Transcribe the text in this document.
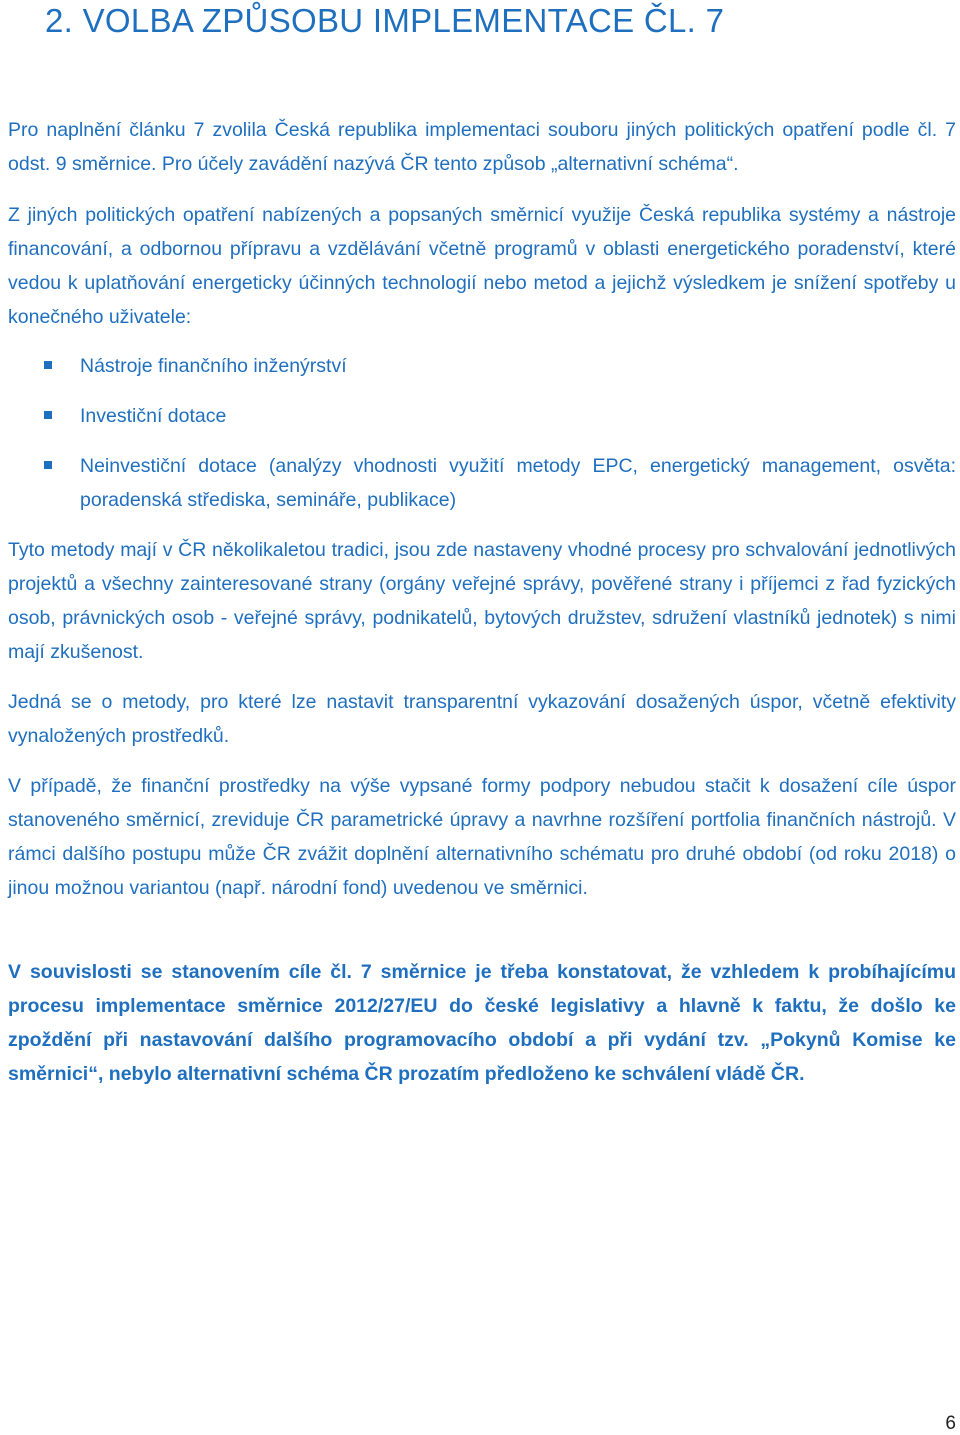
2. VOLBA ZPŮSOBU IMPLEMENTACE ČL. 7

Pro naplnění článku 7 zvolila Česká republika implementaci souboru jiných politických opatření podle čl. 7 odst. 9 směrnice. Pro účely zavádění nazývá ČR tento způsob „alternativní schéma“.

Z jiných politických opatření nabízených a popsaných směrnicí využije Česká republika systémy a nástroje financování, a odbornou přípravu a vzdělávání včetně programů v oblasti energetického poradenství, které vedou k uplatňování energeticky účinných technologií nebo metod a jejichž výsledkem je snížení spotřeby u konečného uživatele:

Nástroje finančního inženýrství
Investiční dotace
Neinvestiční dotace (analýzy vhodnosti využití metody EPC, energetický management, osvěta: poradenská střediska, semináře, publikace)

Tyto metody mají v ČR několikaletou tradici, jsou zde nastaveny vhodné procesy pro schvalování jednotlivých projektů a všechny zainteresované strany (orgány veřejné správy, pověřené strany i příjemci z řad fyzických osob, právnických osob - veřejné správy, podnikatelů, bytových družstev, sdružení vlastníků jednotek) s nimi mají zkušenost.

Jedná se o metody, pro které lze nastavit transparentní vykazování dosažených úspor, včetně efektivity vynaložených prostředků.

V případě, že finanční prostředky na výše vypsané formy podpory nebudou stačit k dosažení cíle úspor stanoveného směrnicí, zreviduje ČR parametrické úpravy a navrhne rozšíření portfolia finančních nástrojů. V rámci dalšího postupu může ČR zvážit doplnění alternativního schématu pro druhé období (od roku 2018) o jinou možnou variantou (např. národní fond) uvedenou ve směrnici.

V souvislosti se stanovením cíle čl. 7 směrnice je třeba konstatovat, že vzhledem k probíhajícímu procesu implementace směrnice 2012/27/EU do české legislativy a hlavně k faktu, že došlo ke zpoždění při nastavování dalšího programovacího období a při vydání tzv. „Pokynů Komise ke směrnici“, nebylo alternativní schéma ČR prozatím předloženo ke schválení vládě ČR.

6
